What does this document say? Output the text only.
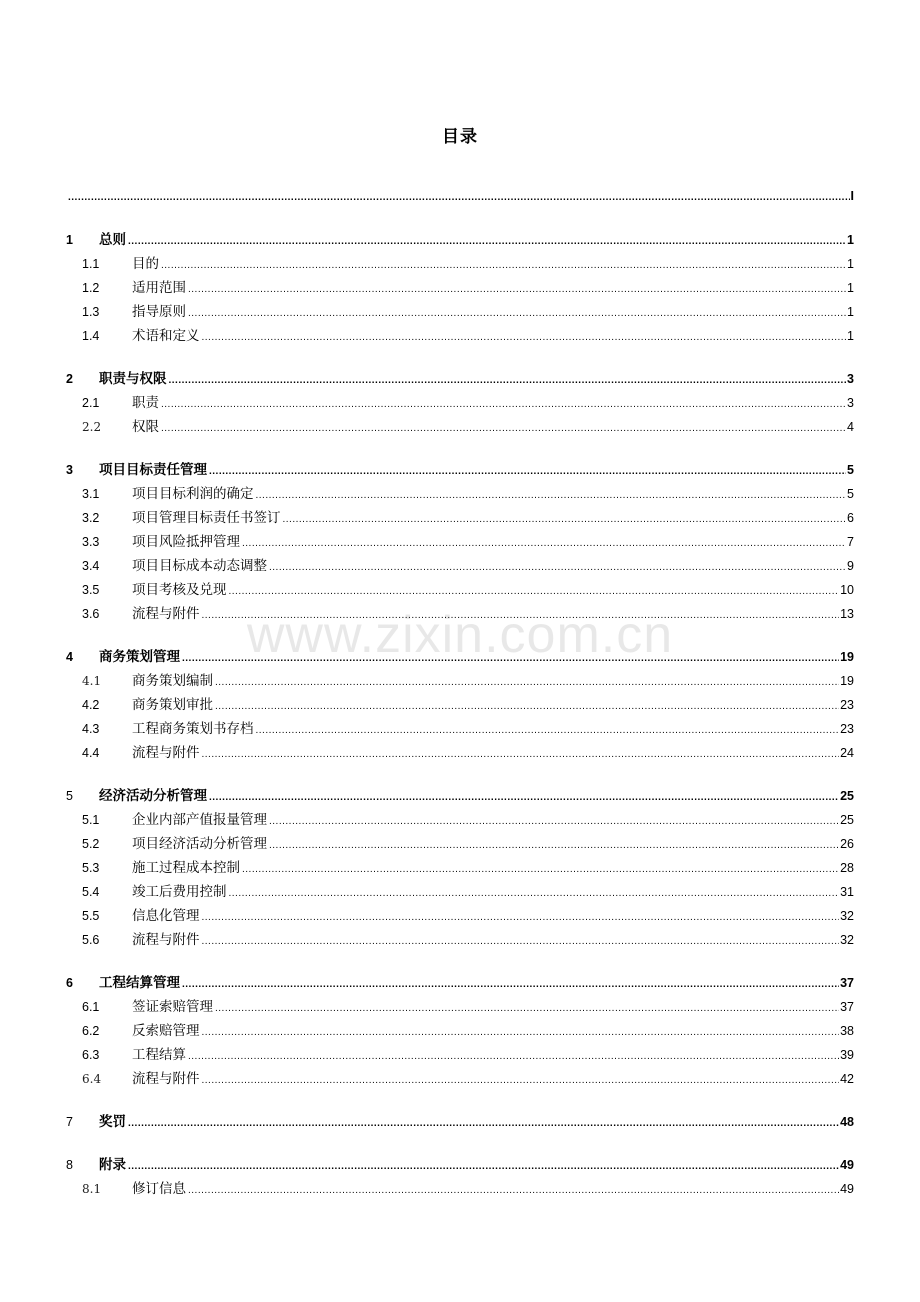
目录
www.zixin.com.cn
.....
I
1	总则 .....	1
1.1	目的 .....	1
1.2	适用范围 .....	1
1.3	指导原则 .....	1
1.4	术语和定义 .....	1
2	职责与权限 .....	3
2.1	职责 .....	3
2.2	权限 .....	4
3	项目目标责任管理 .....	5
3.1	项目目标利润的确定 .....	5
3.2	项目管理目标责任书签订 .....	6
3.3	项目风险抵押管理 .....	7
3.4	项目目标成本动态调整 .....	9
3.5	项目考核及兑现 .....	10
3.6	流程与附件 .....	13
4	商务策划管理 .....	19
4.1	商务策划编制 .....	19
4.2	商务策划审批 .....	23
4.3	工程商务策划书存档 .....	23
4.4	流程与附件 .....	24
5	经济活动分析管理 .....	25
5.1	企业内部产值报量管理 .....	25
5.2	项目经济活动分析管理 .....	26
5.3	施工过程成本控制 .....	28
5.4	竣工后费用控制 .....	31
5.5	信息化管理 .....	32
5.6	流程与附件 .....	32
6	工程结算管理 .....	37
6.1	签证索赔管理 .....	37
6.2	反索赔管理 .....	38
6.3	工程结算 .....	39
6.4	流程与附件 .....	42
7	奖罚 .....	48
8	附录 .....	49
8.1	修订信息 .....	49
